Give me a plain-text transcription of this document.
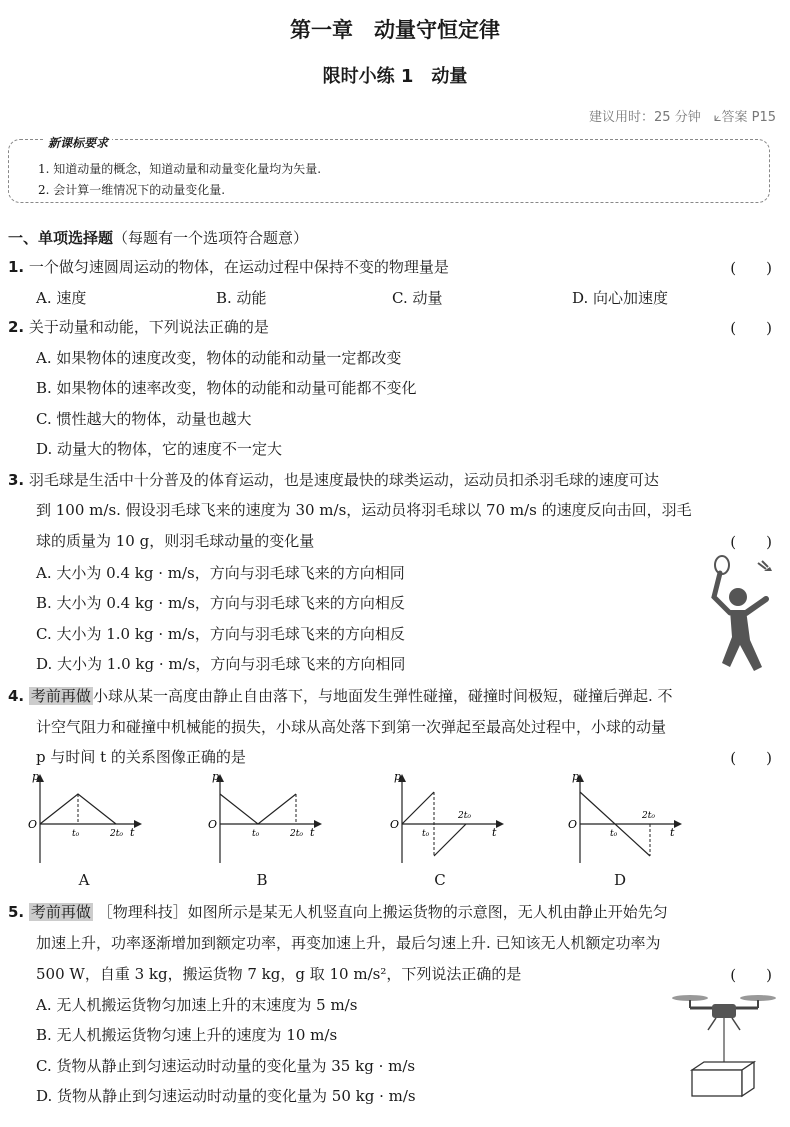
第一章　动量守恒定律
限时小练 1　动量
建议用时：25 分钟　⟀答案 P15
新课标要求
1. 知道动量的概念，知道动量和动量变化量均为矢量.
2. 会计算一维情况下的动量变化量.
一、单项选择题（每题有一个选项符合题意）
1. 一个做匀速圆周运动的物体，在运动过程中保持不变的物理量是	(　　)
A. 速度	B. 动能	C. 动量	D. 向心加速度
2. 关于动量和动能，下列说法正确的是	(　　)
A. 如果物体的速度改变，物体的动能和动量一定都改变
B. 如果物体的速率改变，物体的动能和动量可能都不变化
C. 惯性越大的物体，动量也越大
D. 动量大的物体，它的速度不一定大
3. 羽毛球是生活中十分普及的体育运动，也是速度最快的球类运动，运动员扣杀羽毛球的速度可达
到 100 m/s. 假设羽毛球飞来的速度为 30 m/s，运动员将羽毛球以 70 m/s 的速度反向击回，羽毛
球的质量为 10 g，则羽毛球动量的变化量	(　　)
A. 大小为 0.4 kg · m/s，方向与羽毛球飞来的方向相同
B. 大小为 0.4 kg · m/s，方向与羽毛球飞来的方向相反
C. 大小为 1.0 kg · m/s，方向与羽毛球飞来的方向相反
D. 大小为 1.0 kg · m/s，方向与羽毛球飞来的方向相同
4. 考前再做 小球从某一高度由静止自由落下，与地面发生弹性碰撞，碰撞时间极短，碰撞后弹起. 不
计空气阻力和碰撞中机械能的损失，小球从高处落下到第一次弹起至最高处过程中，小球的动量
p 与时间 t 的关系图像正确的是	(　　)
p
O
t₀	2t₀ t
p
O
t₀	2t₀ t
p
O
t₀
2t₀
t
p
O
t₀
2t₀
t
A	B	C	D
5. 考前再做 ［物理科技］如图所示是某无人机竖直向上搬运货物的示意图，无人机由静止开始先匀
加速上升，功率逐渐增加到额定功率，再变加速上升，最后匀速上升. 已知该无人机额定功率为
500 W，自重 3 kg，搬运货物 7 kg，g 取 10 m/s²，下列说法正确的是	(　　)
A. 无人机搬运货物匀加速上升的末速度为 5 m/s
B. 无人机搬运货物匀速上升的速度为 10 m/s
C. 货物从静止到匀速运动时动量的变化量为 35 kg · m/s
D. 货物从静止到匀速运动时动量的变化量为 50 kg · m/s
